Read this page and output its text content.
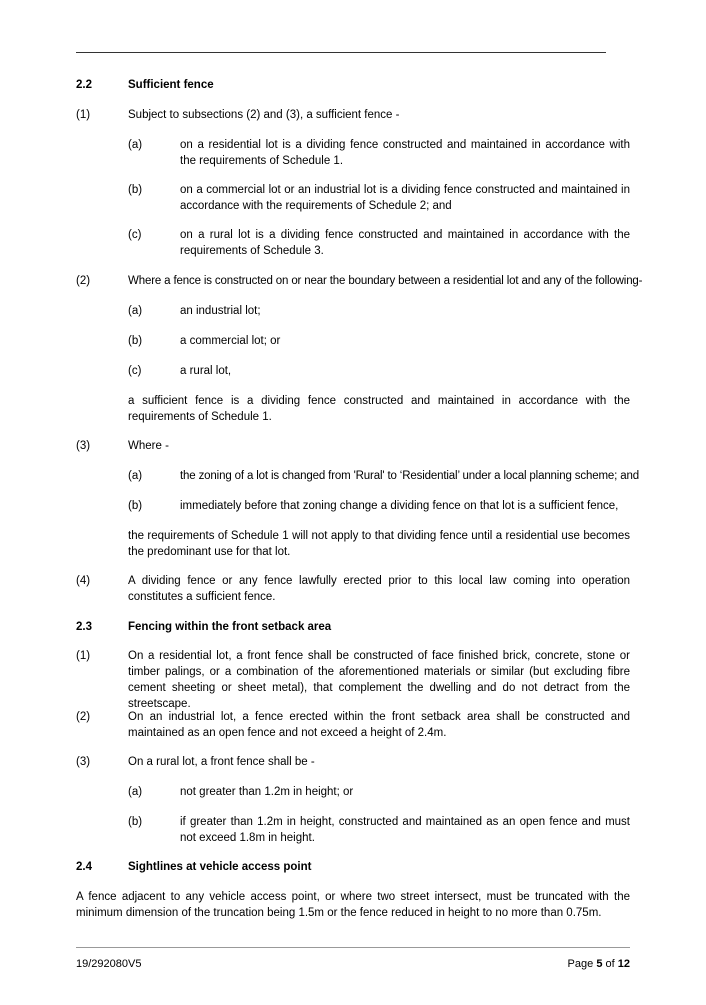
2.2	Sufficient fence
(1)	Subject to subsections (2) and (3), a sufficient fence -
(a)	on a residential lot is a dividing fence constructed and maintained in accordance with the requirements of Schedule 1.
(b)	on a commercial lot or an industrial lot is a dividing fence constructed and maintained in accordance with the requirements of Schedule 2; and
(c)	on a rural lot is a dividing fence constructed and maintained in accordance with the requirements of Schedule 3.
(2)	Where a fence is constructed on or near the boundary between a residential lot and any of the following-
(a)	an industrial lot;
(b)	a commercial lot; or
(c)	a rural lot,
a sufficient fence is a dividing fence constructed and maintained in accordance with the requirements of Schedule 1.
(3)	Where -
(a)	the zoning of a lot is changed from 'Rural' to ‘Residential’ under a local planning scheme; and
(b)	immediately before that zoning change a dividing fence on that lot is a sufficient fence,
the requirements of Schedule 1 will not apply to that dividing fence until a residential use becomes the predominant use for that lot.
(4)	A dividing fence or any fence lawfully erected prior to this local law coming into operation constitutes a sufficient fence.
2.3	Fencing within the front setback area
(1)	On a residential lot, a front fence shall be constructed of face finished brick, concrete, stone or timber palings, or a combination of the aforementioned materials or similar (but excluding fibre cement sheeting or sheet metal), that complement the dwelling and do not detract from the streetscape.
(2)	On an industrial lot, a fence erected within the front setback area shall be constructed and maintained as an open fence and not exceed a height of 2.4m.
(3)	On a rural lot, a front fence shall be -
(a)	not greater than 1.2m in height; or
(b)	if greater than 1.2m in height, constructed and maintained as an open fence and must not exceed 1.8m in height.
2.4	Sightlines at vehicle access point
A fence adjacent to any vehicle access point, or where two street intersect, must be truncated with the minimum dimension of the truncation being 1.5m or the fence reduced in height to no more than 0.75m.
19/292080V5	Page 5 of 12
